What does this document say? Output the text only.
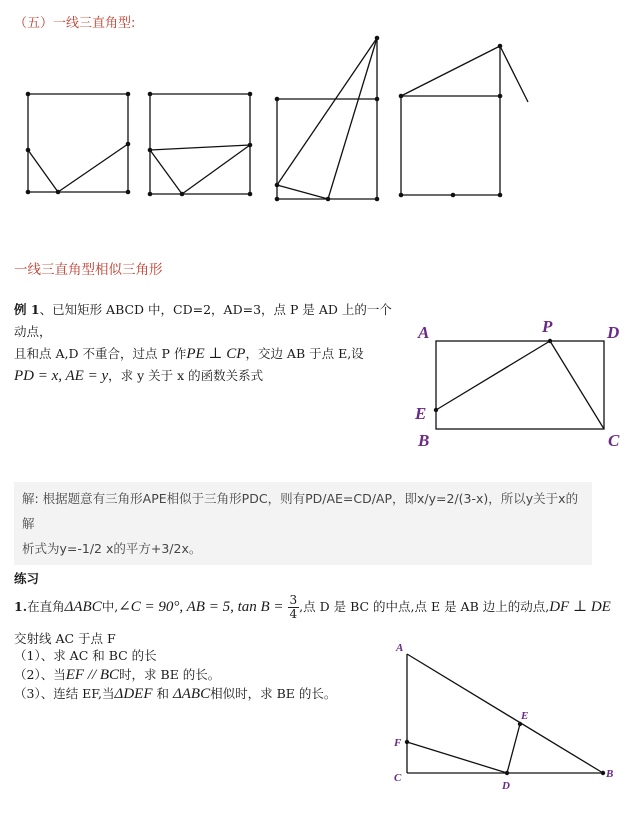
（五）一线三直角型:
一线三直角型相似三角形
例 1、已知矩形 ABCD 中，CD=2，AD=3，点 P 是 AD 上的一个动点，
且和点 A,D 不重合，过点 P 作PE ⊥ CP，交边 AB 于点 E,设
PD = x, AE = y，求 y 关于 x 的函数关系式
A	P	D
E
B	C
解: 根据题意有三角形APE相似于三角形PDC，则有PD/AE=CD/AP，即x/y=2/(3-x)，所以y关于x的解
析式为y=-1/2 x的平方+3/2x。
练习
1.在直角ΔABC中,∠C = 90°, AB = 5, $\tan B = \frac{3}{4}$ ,点 D 是 BC 的中点,点 E 是 AB 边上的动点,DF ⊥ DE
交射线 AC 于点 F
（1）、求 AC 和 BC 的长
（2）、当EF // BC时，求 BE 的长。
（3）、连结 EF,当ΔDEF 和 ΔABC相似时，求 BE 的长。
A
E
F
C
D
B
